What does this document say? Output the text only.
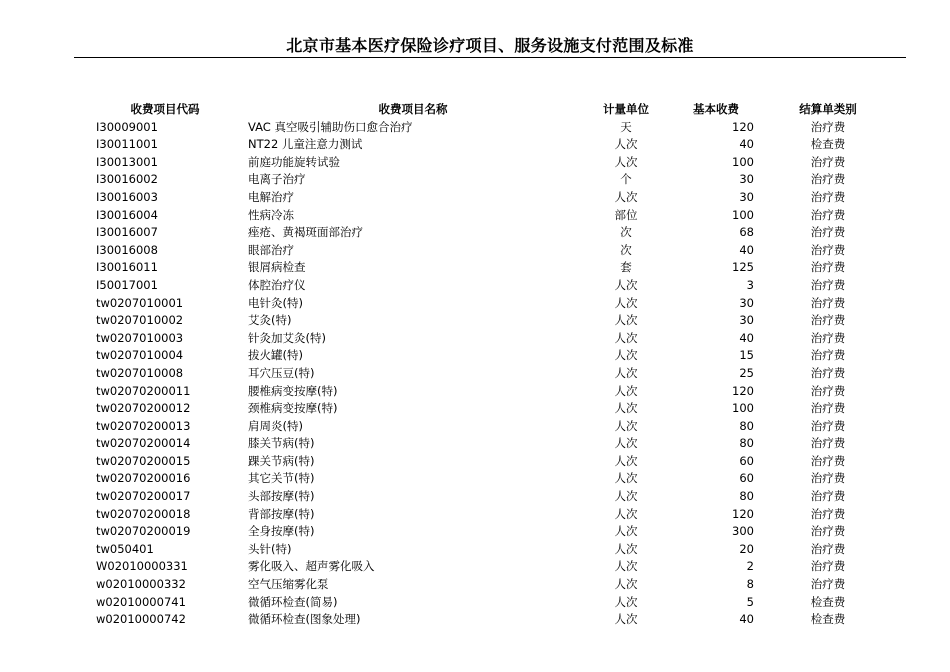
北京市基本医疗保险诊疗项目、服务设施支付范围及标准
收费项目代码	收费项目名称	计量单位	基本收费	结算单类别
I30009001	VAC 真空吸引辅助伤口愈合治疗	天	120	治疗费
I30011001	NT22 儿童注意力测试	人次	40	检查费
I30013001	前庭功能旋转试验	人次	100	治疗费
I30016002	电离子治疗	个	30	治疗费
I30016003	电解治疗	人次	30	治疗费
I30016004	性病冷冻	部位	100	治疗费
I30016007	痤疮、黄褐斑面部治疗	次	68	治疗费
I30016008	眼部治疗	次	40	治疗费
I30016011	银屑病检查	套	125	治疗费
I50017001	体腔治疗仪	人次	3	治疗费
tw0207010001	电针灸(特)	人次	30	治疗费
tw0207010002	艾灸(特)	人次	30	治疗费
tw0207010003	针灸加艾灸(特)	人次	40	治疗费
tw0207010004	拔火罐(特)	人次	15	治疗费
tw0207010008	耳穴压豆(特)	人次	25	治疗费
tw02070200011	腰椎病变按摩(特)	人次	120	治疗费
tw02070200012	颈椎病变按摩(特)	人次	100	治疗费
tw02070200013	肩周炎(特)	人次	80	治疗费
tw02070200014	膝关节病(特)	人次	80	治疗费
tw02070200015	踝关节病(特)	人次	60	治疗费
tw02070200016	其它关节(特)	人次	60	治疗费
tw02070200017	头部按摩(特)	人次	80	治疗费
tw02070200018	背部按摩(特)	人次	120	治疗费
tw02070200019	全身按摩(特)	人次	300	治疗费
tw050401	头针(特)	人次	20	治疗费
W02010000331	雾化吸入、超声雾化吸入	人次	2	治疗费
w02010000332	空气压缩雾化泵	人次	8	治疗费
w02010000741	微循环检查(简易)	人次	5	检查费
w02010000742	微循环检查(图象处理)	人次	40	检查费
